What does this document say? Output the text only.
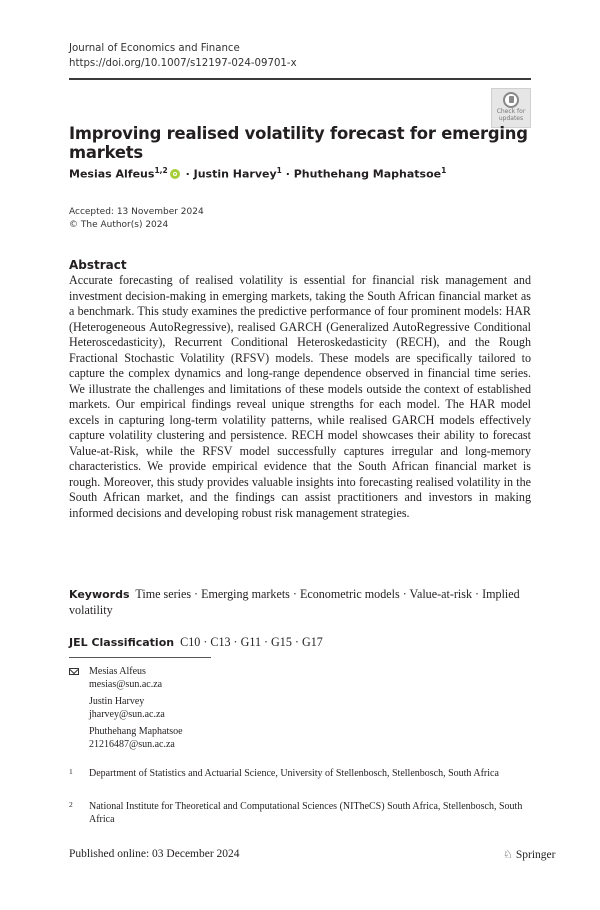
Journal of Economics and Finance
https://doi.org/10.1007/s12197-024-09701-x
Check for
updates
Improving realised volatility forecast for emerging markets
Mesias Alfeus$^{1,2}$ · Justin Harvey$^1$ · Phuthehang Maphatsoe$^1$
Accepted: 13 November 2024
© The Author(s) 2024
Abstract
Accurate forecasting of realised volatility is essential for financial risk management and investment decision-making in emerging markets, taking the South African financial market as a benchmark. This study examines the predictive performance of four prominent models: HAR (Heterogeneous AutoRegressive), realised GARCH (Generalized AutoRegressive Conditional Heteroscedasticity), Recurrent Conditional Heteroskedasticity (RECH), and the Rough Fractional Stochastic Volatility (RFSV) models. These models are specifically tailored to capture the complex dynamics and long-range dependence observed in financial time series. We illustrate the challenges and limitations of these models outside the context of established markets. Our empirical findings reveal unique strengths for each model. The HAR model excels in capturing long-term volatility patterns, while realised GARCH models effectively capture volatility clustering and persistence. RECH model showcases their ability to forecast Value-at-Risk, while the RFSV model successfully captures irregular and long-memory characteristics. We provide empirical evidence that the South African financial market is rough. Moreover, this study provides valuable insights into forecasting realised volatility in the South African market, and the findings can assist practitioners and investors in making informed decisions and developing robust risk management strategies.
Keywords Time series · Emerging markets · Econometric models · Value-at-risk · Implied volatility
JEL Classification C10 · C13 · G11 · G15 · G17
Mesias Alfeus
mesias@sun.ac.za
Justin Harvey
jharvey@sun.ac.za
Phuthehang Maphatsoe
21216487@sun.ac.za
1 Department of Statistics and Actuarial Science, University of Stellenbosch, Stellenbosch, South Africa
2 National Institute for Theoretical and Computational Sciences (NITheCS) South Africa, Stellenbosch, South Africa
Published online: 03 December 2024	♘ Springer
